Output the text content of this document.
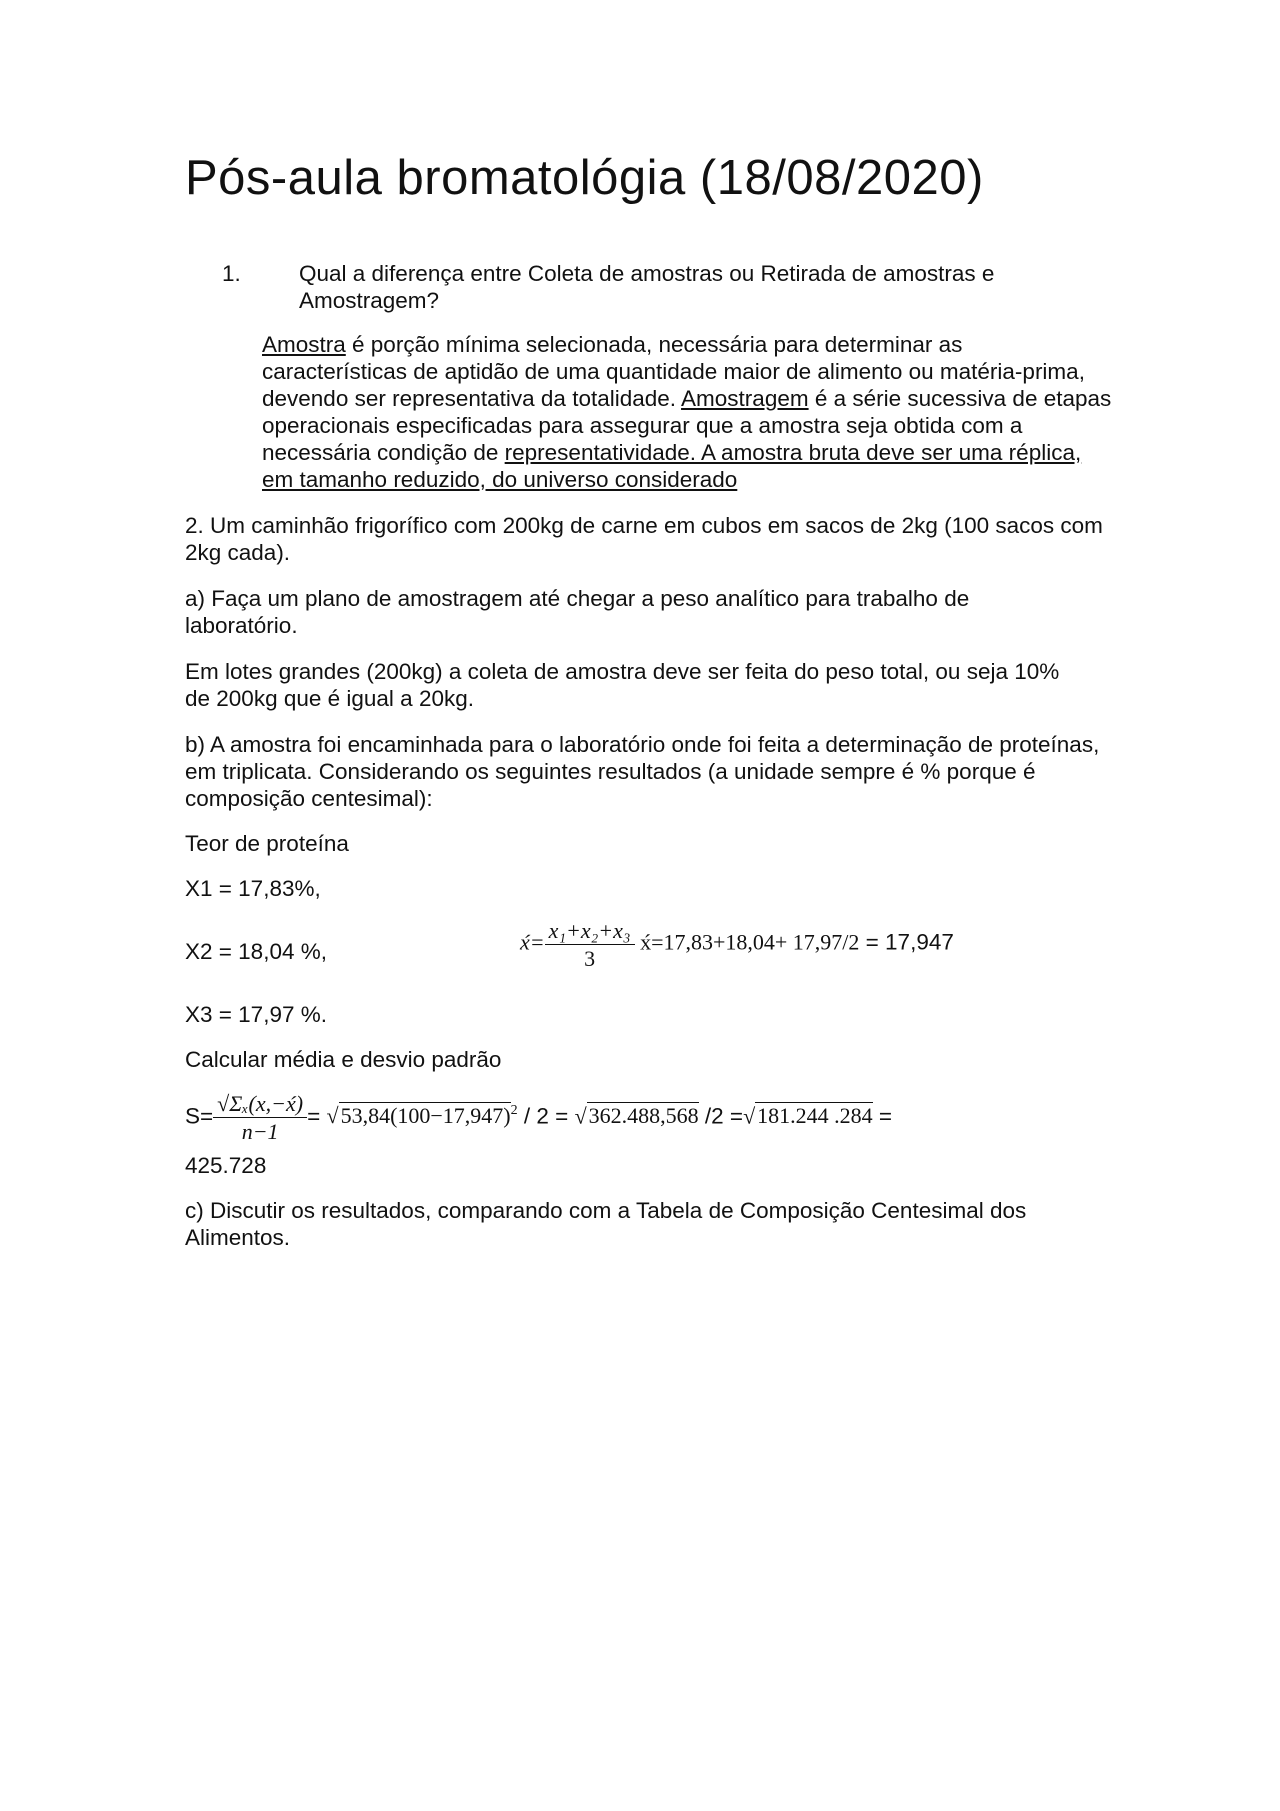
Pós-aula bromatológia (18/08/2020)
1.	Qual a diferença entre Coleta de amostras ou Retirada de amostras e Amostragem?

Amostra é porção mínima selecionada, necessária para determinar as características de aptidão de uma quantidade maior de alimento ou matéria-prima, devendo ser representativa da totalidade. Amostragem é a série sucessiva de etapas operacionais especificadas para assegurar que a amostra seja obtida com a necessária condição de representatividade. A amostra bruta deve ser uma réplica, em tamanho reduzido, do universo considerado

2. Um caminhão frigorífico com 200kg de carne em cubos em sacos de 2kg (100 sacos com 2kg cada).

a) Faça um plano de amostragem até chegar a peso analítico para trabalho de laboratório.

Em lotes grandes (200kg) a coleta de amostra deve ser feita do peso total, ou seja 10% de 200kg que é igual a 20kg.

b) A amostra foi encaminhada para o laboratório onde foi feita a determinação de proteínas, em triplicata. Considerando os seguintes resultados (a unidade sempre é % porque é composição centesimal):

Teor de proteína

X1 = 17,83%,

X2 = 18,04 %,	x́= $\frac{\text{x₁+x₂+x₃}}{3}$ x́=17,83+18,04+ 17,97/2 = 17,947

X3 = 17,97 %.

Calcular média e desvio padrão

$S= \frac{\text{√Σₓ(x,−x́)}}{n-1} = √53,84(100-17,947)^2 / 2 = √362.488,568$ /2 =√181.244 .284 =

425.728

c) Discutir os resultados, comparando com a Tabela de Composição Centesimal dos Alimentos.
